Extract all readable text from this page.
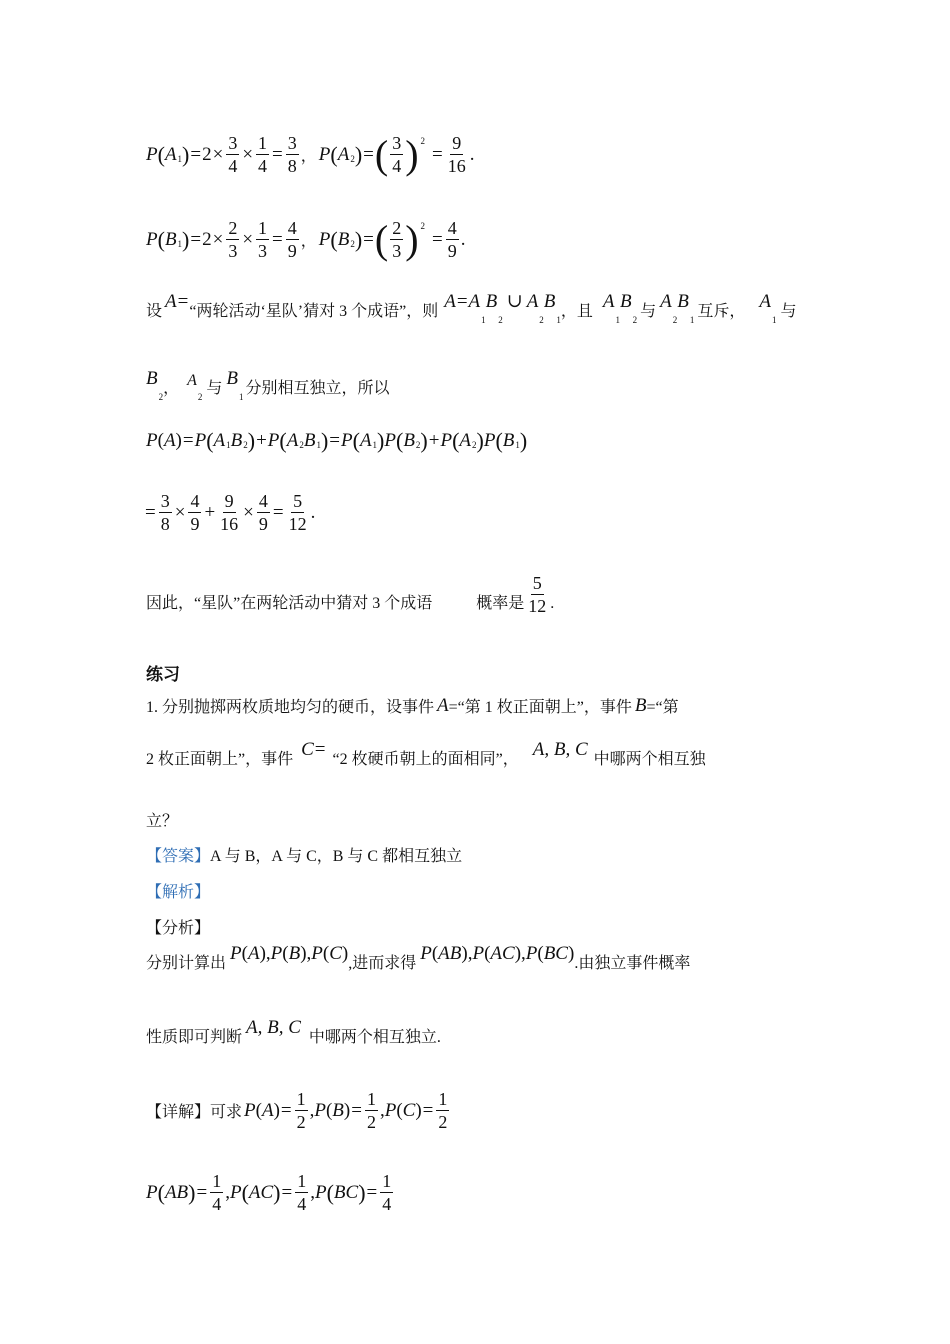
P ( $A_1$ ) = $2 \times \frac{3}{4} \times \frac{1}{4} = \frac{3}{8}$ ， P ( $A_2$ ) = ( 3
4 )$^2$
= $\frac{9}{16}$ .
P ( $B_1$ ) = $2 \times \frac{2}{3} \times \frac{1}{3} = \frac{4}{9}$ ， P ( $B_2$ ) = ( 2
3 )$^2$
= $\frac{4}{9}$ .
设 A = “两轮活动‘星队’猜对 3 个成语”，则 A = A
$_1$
B
$_2$
∪ A
$_2$
B
$_1$ ，且 A
$_1$
B
$_2$ 与 A
$_2$
B
$_1$ 互斥， A
$_1$ 与
B
$_2$ ， A
$_2$ 与 B
$_1$ 分别相互独立，所以
P ( A ) = P ( $A_1$ $B_2$ ) + P ( $A_2$ $B_1$ ) = P ( $A_1$ ) P ( $B_2$ ) + P ( $A_2$ ) P ( $B_1$ )
= $\frac{3}{8} \times \frac{4}{9} + \frac{9}{16} \times \frac{4}{9} = \frac{5}{12}$ .
因此，“星队”在两轮活动中猜对 3 个成语	概率是
5
12 .
练习
1. 分别抛掷两枚质地均匀的硬币，设事件 A =“第 1 枚正面朝上”，事件 B =“第
2 枚正面朝上”，事件 C = “2 枚硬币朝上的面相同”， A, B, C 中哪两个相互独
立？
【 答案 】 A 与 B，A 与 C，B 与 C 都相互独立
【 解析 】
【分析】
分别计算出 P(A),P(B),P(C) ,进而求得 P(AB),P(AC),P(BC) .由独立事件概率
性质即可判断 A, B, C 中哪两个相互独立.
【详解】可求 P ( A ) = $\frac{1}{2}$ , P ( B ) = $\frac{1}{2}$ , P ( C ) = $\frac{1}{2}$
P ( AB ) = $\frac{1}{4}$ , P ( AC ) = $\frac{1}{4}$ , P ( BC ) = $\frac{1}{4}$
